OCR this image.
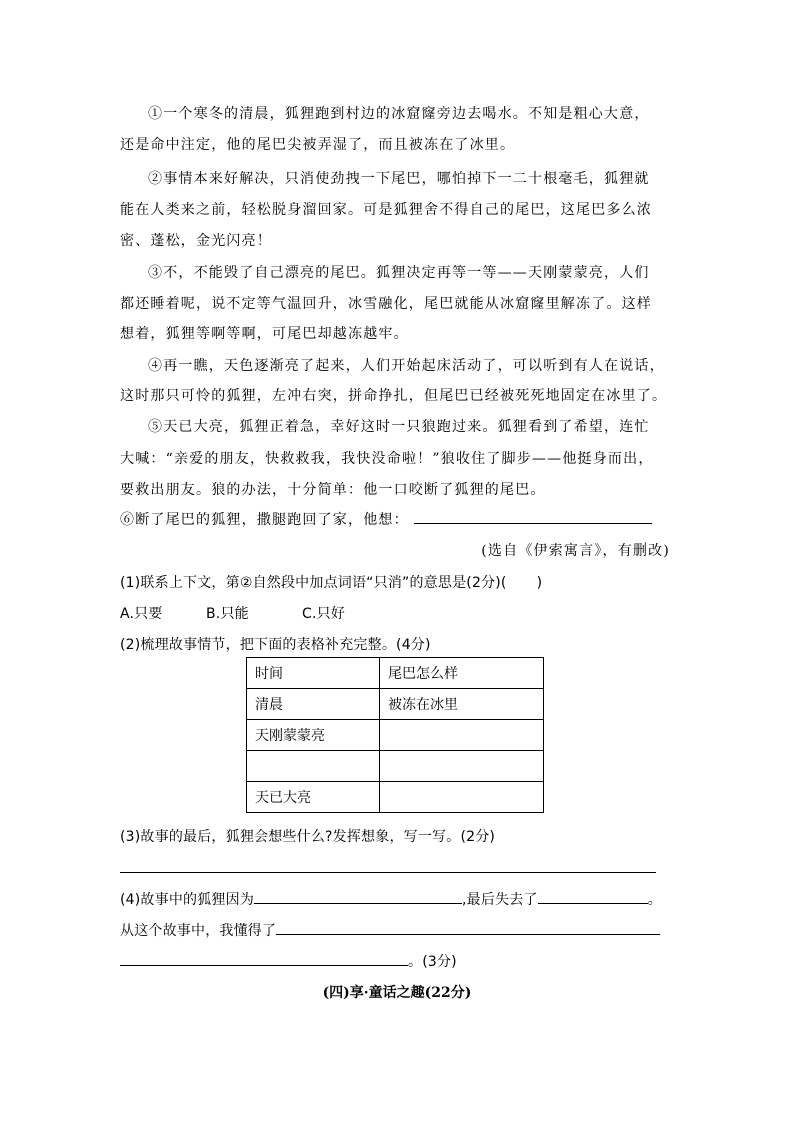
①一个寒冬的清晨，狐狸跑到村边的冰窟窿旁边去喝水。不知是粗心大意，
还是命中注定，他的尾巴尖被弄湿了，而且被冻在了冰里。
②事情本来好解决，只消使劲拽一下尾巴，哪怕掉下一二十根毫毛，狐狸就
能在人类来之前，轻松脱身溜回家。可是狐狸舍不得自己的尾巴，这尾巴多么浓
密、蓬松，金光闪亮！
③不，不能毁了自己漂亮的尾巴。狐狸决定再等一等——天刚蒙蒙亮，人们
都还睡着呢，说不定等气温回升，冰雪融化，尾巴就能从冰窟窿里解冻了。这样
想着，狐狸等啊等啊，可尾巴却越冻越牢。
④再一瞧，天色逐渐亮了起来，人们开始起床活动了，可以听到有人在说话，
这时那只可怜的狐狸，左冲右突，拼命挣扎，但尾巴已经被死死地固定在冰里了。
⑤天已大亮，狐狸正着急，幸好这时一只狼跑过来。狐狸看到了希望，连忙
大喊：“亲爱的朋友，快救救我，我快没命啦！”狼收住了脚步——他挺身而出，
要救出朋友。狼的办法，十分简单：他一口咬断了狐狸的尾巴。
⑥断了尾巴的狐狸，撒腿跑回了家，他想：
(选自《伊索寓言》，有删改)
(1)联系上下文，第②自然段中加点词语“只消”的意思是(2分)( )
A.只要	B.只能	C.只好
(2)梳理故事情节，把下面的表格补充完整。(4分)
时间	尾巴怎么样
清晨	被冻在冰里
天刚蒙蒙亮	

天已大亮	
(3)故事的最后，狐狸会想些什么?发挥想象，写一写。(2分)
(4)故事中的狐狸因为	,最后失去了	。
从这个故事中，我懂得了
。(3分)
(四)享·童话之趣(22分)
